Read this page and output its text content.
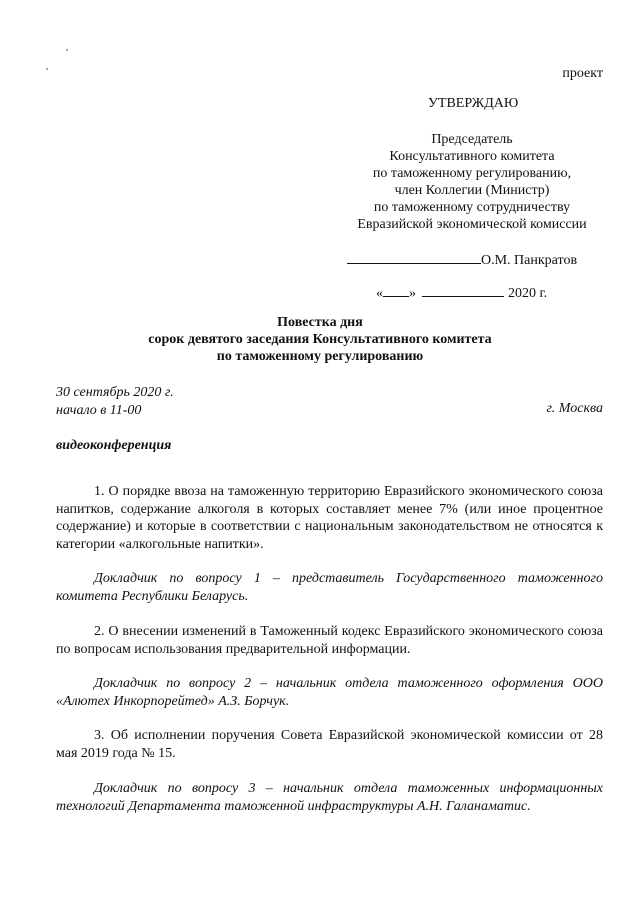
проект
УТВЕРЖДАЮ
Председатель
Консультативного комитета
по таможенному регулированию,
член Коллегии (Министр)
по таможенному сотрудничеству
Евразийской экономической комиссии
О.М. Панкратов
« »	2020 г.
Повестка дня
сорок девятого заседания Консультативного комитета
по таможенному регулированию
30 сентябрь 2020 г.
начало в 11-00	г. Москва
видеоконференция
1. О порядке ввоза на таможенную территорию Евразийского экономического союза напитков, содержание алкоголя в которых составляет менее 7% (или иное процентное содержание) и которые в соответствии с национальным законодательством не относятся к категории «алкогольные напитки».
Докладчик по вопросу 1 – представитель Государственного таможенного комитета Республики Беларусь.
2. О внесении изменений в Таможенный кодекс Евразийского экономического союза по вопросам использования предварительной информации.
Докладчик по вопросу 2 – начальник отдела таможенного оформления ООО «Алютех Инкорпорейтед» А.З. Борчук.
3. Об исполнении поручения Совета Евразийской экономической комиссии от 28 мая 2019 года № 15.
Докладчик по вопросу 3 – начальник отдела таможенных информационных технологий Департамента таможенной инфраструктуры А.Н. Галанаматис.
